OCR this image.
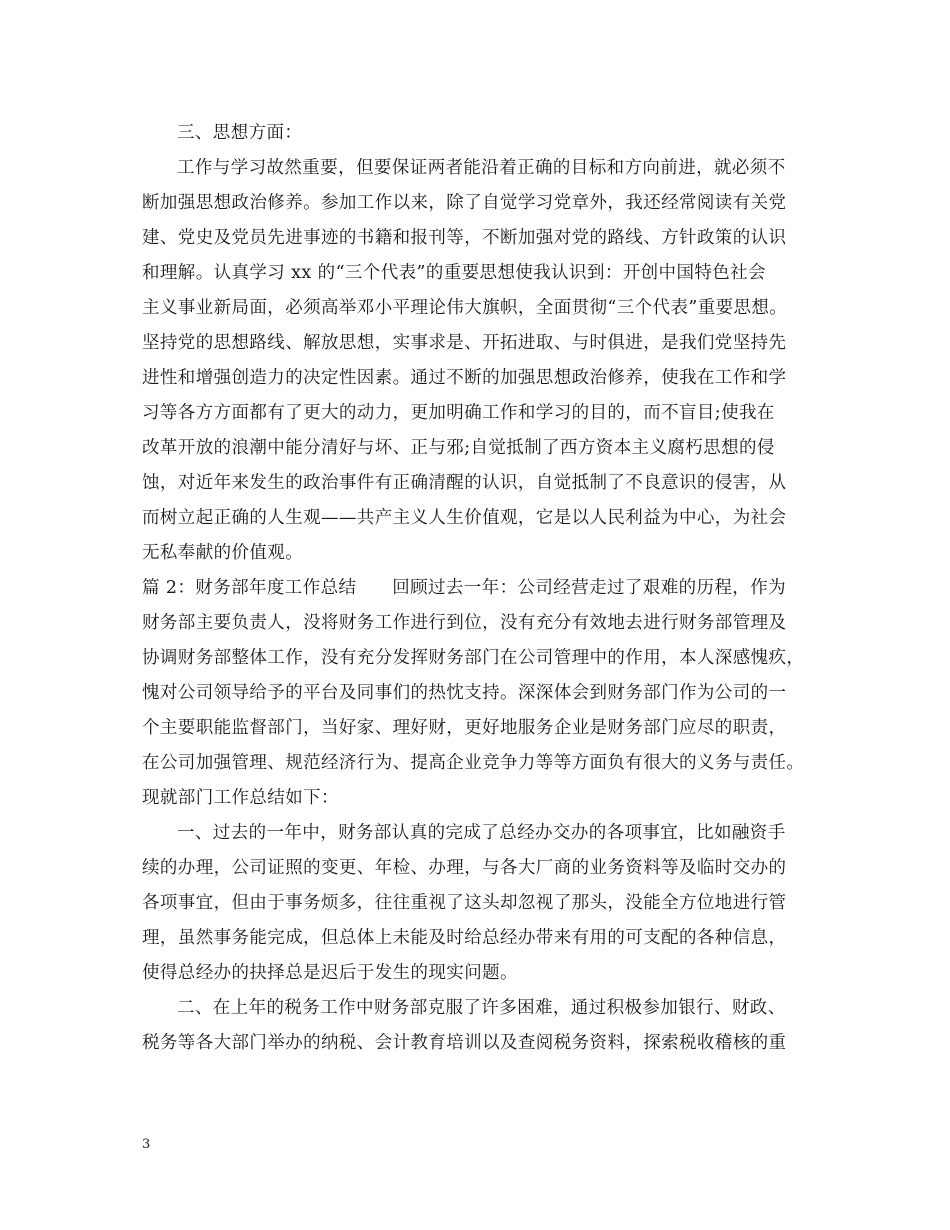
三、思想方面：
工作与学习故然重要，但要保证两者能沿着正确的目标和方向前进，就必须不
断加强思想政治修养。参加工作以来，除了自觉学习党章外，我还经常阅读有关党
建、党史及党员先进事迹的书籍和报刊等，不断加强对党的路线、方针政策的认识
和理解。认真学习 xx 的“三个代表”的重要思想使我认识到：开创中国特色社会
主义事业新局面，必须高举邓小平理论伟大旗帜，全面贯彻“三个代表”重要思想。
坚持党的思想路线、解放思想，实事求是、开拓进取、与时俱进，是我们党坚持先
进性和增强创造力的决定性因素。通过不断的加强思想政治修养，使我在工作和学
习等各方方面都有了更大的动力，更加明确工作和学习的目的，而不盲目;使我在
改革开放的浪潮中能分清好与坏、正与邪;自觉抵制了西方资本主义腐朽思想的侵
蚀，对近年来发生的政治事件有正确清醒的认识，自觉抵制了不良意识的侵害，从
而树立起正确的人生观——共产主义人生价值观，它是以人民利益为中心，为社会
无私奉献的价值观。
篇 2：财务部年度工作总结　　回顾过去一年：公司经营走过了艰难的历程，作为
财务部主要负责人，没将财务工作进行到位，没有充分有效地去进行财务部管理及
协调财务部整体工作，没有充分发挥财务部门在公司管理中的作用，本人深感愧疚，
愧对公司领导给予的平台及同事们的热忱支持。深深体会到财务部门作为公司的一
个主要职能监督部门，当好家、理好财，更好地服务企业是财务部门应尽的职责，
在公司加强管理、规范经济行为、提高企业竞争力等等方面负有很大的义务与责任。
现就部门工作总结如下：
一、过去的一年中，财务部认真的完成了总经办交办的各项事宜，比如融资手
续的办理，公司证照的变更、年检、办理，与各大厂商的业务资料等及临时交办的
各项事宜，但由于事务烦多，往往重视了这头却忽视了那头，没能全方位地进行管
理，虽然事务能完成，但总体上未能及时给总经办带来有用的可支配的各种信息，
使得总经办的抉择总是迟后于发生的现实问题。
二、在上年的税务工作中财务部克服了许多困难，通过积极参加银行、财政、
税务等各大部门举办的纳税、会计教育培训以及查阅税务资料，探索税收稽核的重
3
